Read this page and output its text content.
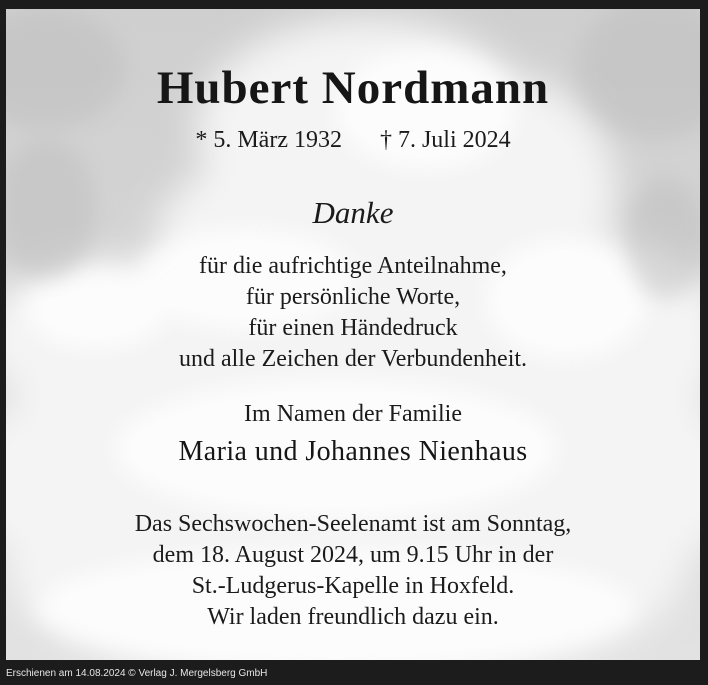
Hubert Nordmann
* 5. März 1932 † 7. Juli 2024
Danke
für die aufrichtige Anteilnahme,
für persönliche Worte,
für einen Händedruck
und alle Zeichen der Verbundenheit.
Im Namen der Familie
Maria und Johannes Nienhaus
Das Sechswochen-Seelenamt ist am Sonntag,
dem 18. August 2024, um 9.15 Uhr in der
St.-Ludgerus-Kapelle in Hoxfeld.
Wir laden freundlich dazu ein.
Erschienen am 14.08.2024 © Verlag J. Mergelsberg GmbH
